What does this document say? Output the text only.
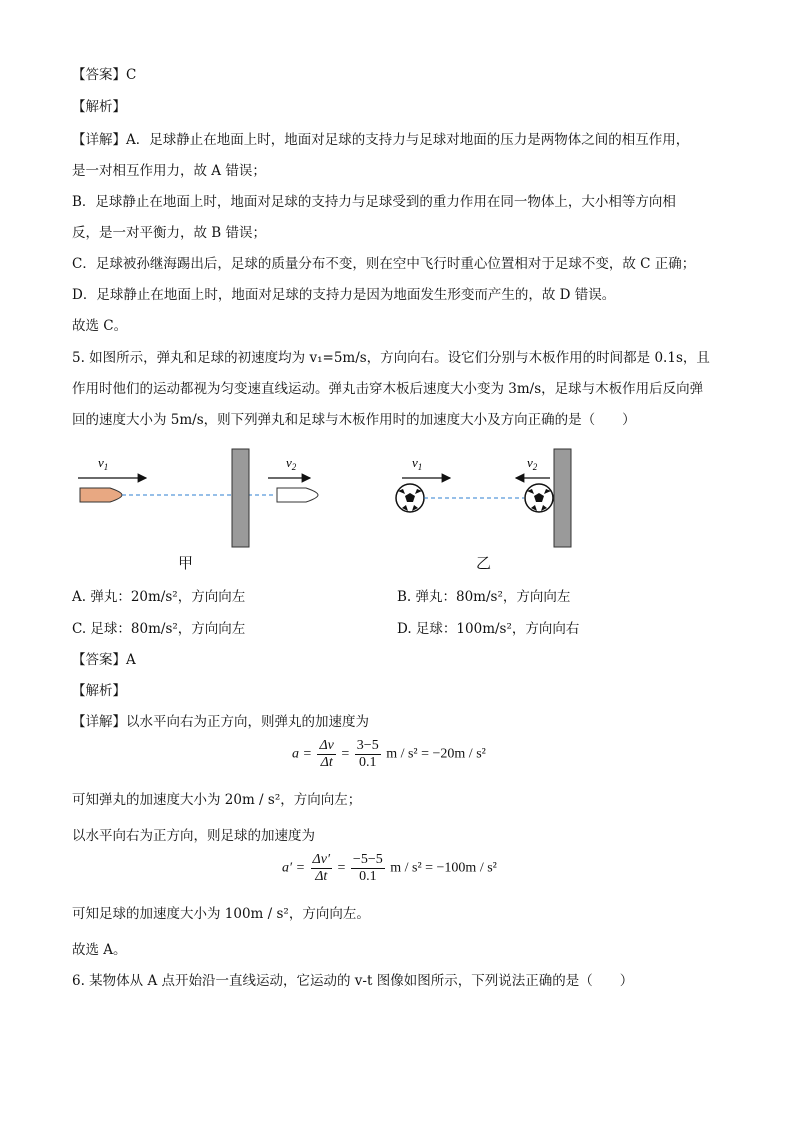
【答案】C
【解析】
【详解】A．足球静止在地面上时，地面对足球的支持力与足球对地面的压力是两物体之间的相互作用，
是一对相互作用力，故 A 错误；
B．足球静止在地面上时，地面对足球的支持力与足球受到的重力作用在同一物体上，大小相等方向相
反，是一对平衡力，故 B 错误；
C．足球被孙继海踢出后，足球的质量分布不变，则在空中飞行时重心位置相对于足球不变，故 C 正确；
D．足球静止在地面上时，地面对足球的支持力是因为地面发生形变而产生的，故 D 错误。
故选 C。
5. 如图所示，弹丸和足球的初速度均为 v₁=5m/s，方向向右。设它们分别与木板作用的时间都是 0.1s，且
作用时他们的运动都视为匀变速直线运动。弹丸击穿木板后速度大小变为 3m/s，足球与木板作用后反向弹
回的速度大小为 5m/s，则下列弹丸和足球与木板作用时的加速度大小及方向正确的是（　　）
$v_1$	$v_2$	$v_1$	$v_2$
甲	乙
A. 弹丸：20m/s²，方向向左	B. 弹丸：80m/s²，方向向左
C. 足球：80m/s²，方向向左	D. 足球：100m/s²，方向向右
【答案】A
【解析】
【详解】以水平向右为正方向，则弹丸的加速度为
$a = \frac{\Delta v}{\Delta t} = \frac{3-5}{0.1}$ m / s² = −20m / s²
可知弹丸的加速度大小为 20m / s²，方向向左；
以水平向右为正方向，则足球的加速度为
$a' = \frac{\Delta v'}{\Delta t} = \frac{-5-5}{0.1}$ m / s² = −100m / s²
可知足球的加速度大小为 100m / s²，方向向左。
故选 A。
6. 某物体从 A 点开始沿一直线运动，它运动的 v-t 图像如图所示，下列说法正确的是（　　）
